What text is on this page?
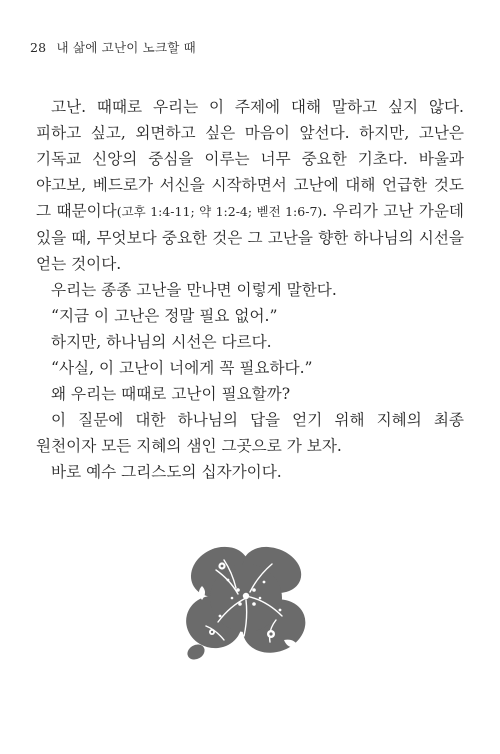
28 내 삶에 고난이 노크할 때

고난. 때때로 우리는 이 주제에 대해 말하고 싶지 않다. 피하고 싶고, 외면하고 싶은 마음이 앞선다. 하지만, 고난은 기독교 신앙의 중심을 이루는 너무 중요한 기초다. 바울과 야고보, 베드로가 서신을 시작하면서 고난에 대해 언급한 것도 그 때문이다(고후 1:4-11; 약 1:2-4; 벧전 1:6-7). 우리가 고난 가운데 있을 때, 무엇보다 중요한 것은 그 고난을 향한 하나님의 시선을 얻는 것이다.

우리는 종종 고난을 만나면 이렇게 말한다.

“지금 이 고난은 정말 필요 없어.”

하지만, 하나님의 시선은 다르다.

“사실, 이 고난이 너에게 꼭 필요하다.”

왜 우리는 때때로 고난이 필요할까?

이 질문에 대한 하나님의 답을 얻기 위해 지혜의 최종 원천이자 모든 지혜의 샘인 그곳으로 가 보자.

바로 예수 그리스도의 십자가이다.
